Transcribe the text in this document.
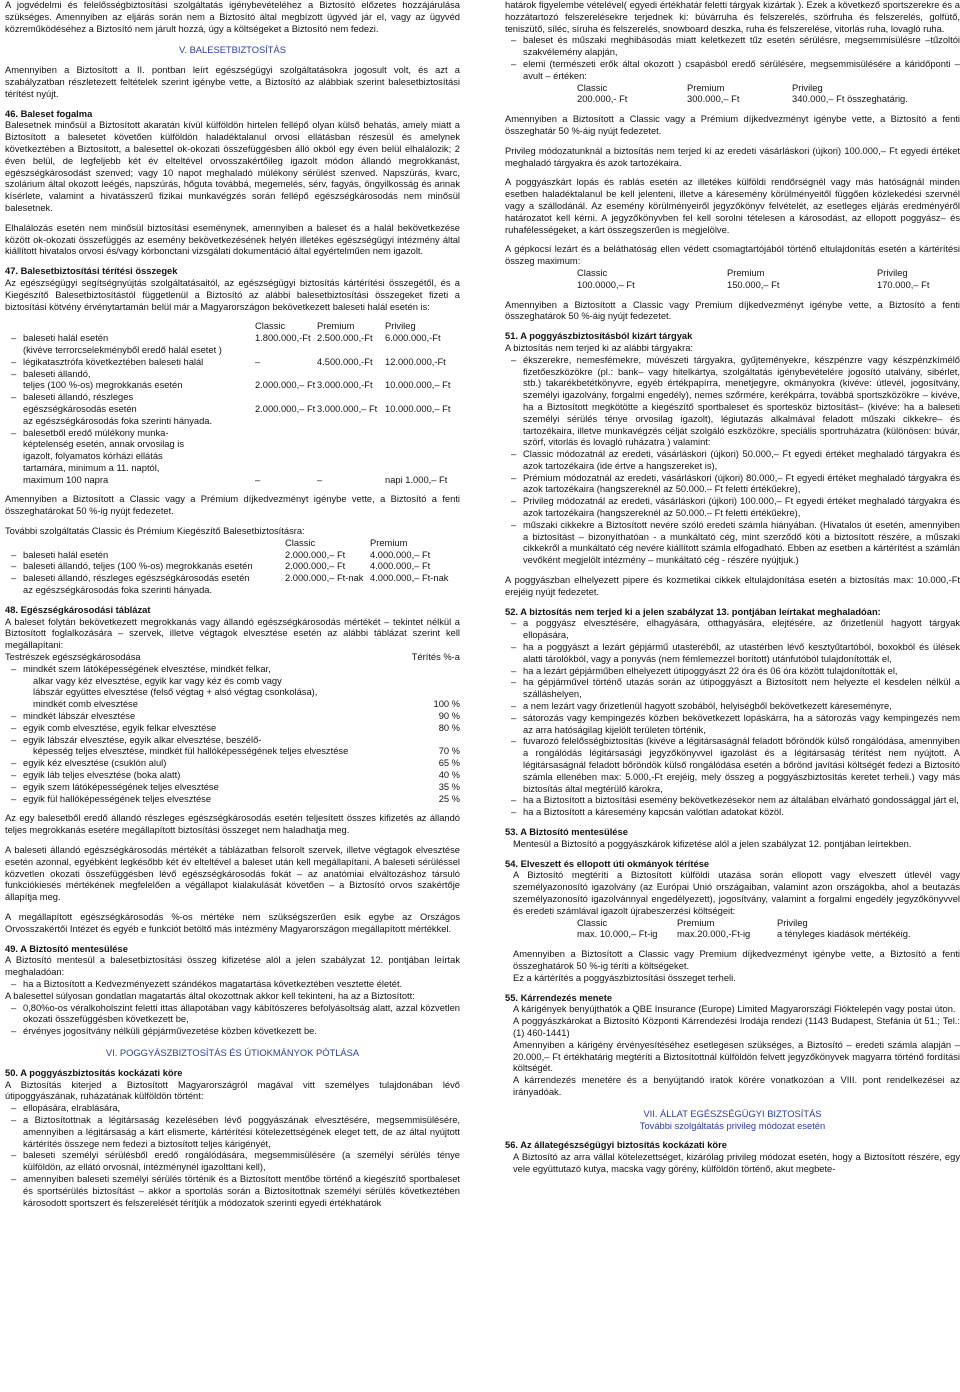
A jogvédelmi és felelősségbiztosítási szolgáltatás igénybevételéhez a Biztosító előzetes hozzájárulása szükséges. Amennyiben az eljárás során nem a Biztosító által megbízott ügyvéd jár el, vagy az ügyvéd közreműködéséhez a Biztosító nem járult hozzá, úgy a költségeket a Biztosító nem fedezi.

V. BALESETBIZTOSÍTÁS

Amennyiben a Biztosított a II. pontban leírt egészségügyi szolgáltatásokra jogosult volt, és azt a szabályzatban részletezett feltételek szerint igénybe vette, a Biztosító az alábbiak szerint balesetbiztosítási térítést nyújt.

46. Baleset fogalma

Balesetnek minősül a Biztosított akaratán kívül külföldön hirtelen fellépő olyan külső behatás, amely miatt a Biztosított a balesetet követően külföldön haladéktalanul orvosi ellátásban részesül és amelynek következtében a Biztosított, a balesettel ok-okozati összefüggésben álló okból egy éven belül elhalálozik; 2 éven belül, de legfeljebb két év elteltével orvosszakértőileg igazolt módon állandó megrokkanást, egészségkárosodást szenved; vagy 10 napot meghaladó múlékony sérülést szenved. Napszúrás, kvarc, szolárium által okozott leégés, napszúrás, hőguta továbbá, megemelés, sérv, fagyás, öngyilkosság és annak kísérlete, valamint a hivatásszerű fizikai munkavégzés során fellépő egészségkárosodás nem minősül balesetnek.

Elhalálozás esetén nem minősül biztosítási eseménynek, amennyiben a baleset és a halál bekövetkezése között ok-okozati összefüggés az esemény bekövetkezésének helyén illetékes egészségügyi intézmény által kiállított hivatalos orvosi és/vagy kórbonctani vizsgálati dokumentáció által egyértelműen nem igazolt.

47. Balesetbiztosítási térítési összegek

Az egészségügyi segítségnyújtás szolgáltatásaitól, az egészségügyi biztosítás kártérítési összegétől, és a Kiegészítő Balesetbiztosítástól függetlenül a Biztosító az alábbi balesetbiztosítási összegeket fizeti a biztosítási kötvény érvénytartamán belül már a Magyarországon bekövetkezett baleseti halál esetén is:

	Classic	Premium	Privileg
– baleseti halál esetén	1.800.000,-Ft	2.500.000,-Ft	6.000.000,-Ft
(kivéve terrorcselekményből eredő halál esetet )			
– légikatasztrófa következtében baleseti halál	–	4.500.000,-Ft	12.000.000,-Ft
– baleseti állandó,			
teljes (100 %-os) megrokkanás esetén	2.000.000,– Ft	3.000.000,-Ft	10.000.000,– Ft
– baleseti állandó, részleges			
egészségkárosodás esetén	2.000.000,– Ft	3.000.000,– Ft	10.000.000,– Ft
az egészségkárosodás foka szerinti hányada.			
– balesetből eredő múlékony munka-			
képtelenség esetén, annak orvosilag is			
igazolt, folyamatos kórházi ellátás			
tartamára, minimum a 11. naptól,			
maximum 100 napra	–	–	napi 1.000,– Ft

Amennyiben a Biztosított a Classic vagy a Prémium díjkedvezményt igénybe vette, a Biztosító a fenti összeghatárokat 50 %-ig nyújt fedezetet.

További szolgáltatás Classic és Prémium Kiegészítő Balesetbiztosításra:

	Classic	Premium
– baleseti halál esetén	2.000.000,– Ft	4.000.000,– Ft
– baleseti állandó, teljes (100 %-os) megrokkanás esetén	2.000.000,– Ft	4.000.000,– Ft
– baleseti állandó, részleges egészségkárosodás esetén	2.000.000,– Ft-nak	4.000.000,– Ft-nak
az egészségkárosodás foka szerinti hányada.		
48. Egészségkárosodási táblázat

A baleset folytán bekövetkezett megrokkanás vagy állandó egészségkárosodás mértékét – tekintet nélkül a Biztosított foglalkozására – szervek, illetve végtagok elvesztése esetén az alábbi táblázat szerint kell megállapítani:

Testrészek egészségkárosodása	Térítés %-a
– mindkét szem látóképességének elvesztése, mindkét felkar,	
alkar vagy kéz elvesztése, egyik kar vagy kéz és comb vagy	
lábszár együttes elvesztése (felső végtag + alsó végtag csonkolása),	
mindkét comb elvesztése	100 %
– mindkét lábszár elvesztése	90 %
– egyik comb elvesztése, egyik felkar elvesztése	80 %
– egyik lábszár elvesztése, egyik alkar elvesztése, beszélő-	
képesség teljes elvesztése, mindkét fül hallóképességének teljes elvesztése	70 %
– egyik kéz elvesztése (csuklón alul)	65 %
– egyik láb teljes elvesztése (boka alatt)	40 %
– egyik szem látóképességének teljes elvesztése	35 %
– egyik fül hallóképességének teljes elvesztése	25 %

Az egy balesetből eredő állandó részleges egészségkárosodás esetén teljesített összes kifizetés az állandó teljes megrokkanás esetére megállapított biztosítási összeget nem haladhatja meg.

A baleseti állandó egészségkárosodás mértékét a táblázatban felsorolt szervek, illetve végtagok elvesztése esetén azonnal, egyébként legkésőbb két év elteltével a baleset után kell megállapítani. A baleseti sérüléssel közvetlen okozati összefüggésben lévő egészségkárosodás fokát – az anatómiai elváltozáshoz társuló funkciókiesés mértékének megfelelően a végállapot kialakulását követően – a Biztosító orvos szakértője állapítja meg.

A megállapított egészségkárosodás %-os mértéke nem szükségszerűen esik egybe az Országos Orvosszakértői Intézet és egyéb e funkciót betöltő más intézmény Magyarországon megállapított mértékkel.

49. A Biztosító mentesülése

A Biztosító mentesül a balesetbiztosítási összeg kifizetése alól a jelen szabályzat 12. pontjában leírtak meghaladóan:

– ha a Biztosított a Kedvezményezett szándékos magatartása következtében vesztette életét.

A balesettel súlyosan gondatlan magatartás által okozottnak akkor kell tekinteni, ha az a Biztosított:

– 0,80%o-os véralkoholszint feletti ittas állapotában vagy kábítószeres befolyásoltság alatt, azzal közvetlen okozati összefüggésben következett be,
– érvényes jogosítvány nélküli gépjárművezetése közben következett be.
VI. POGGYÁSZBIZTOSÍTÁS ÉS ÚTIOKMÁNYOK PÓTLÁSA
50. A poggyászbiztosítás kockázati köre

A Biztosítás kiterjed a Biztosított Magyarországról magával vitt személyes tulajdonában lévő útipoggyászának, ruházatának külföldön történt:

– ellopására, elrablására,
– a Biztosítottnak a légitársaság kezelésében lévő poggyászának elvesztésére, megsemmisülésére, amennyiben a légitársaság a kárt elismerte, kártérítési kötelezettségének eleget tett, de az által nyújtott kártérítés összege nem fedezi a biztosított teljes kárigényét,
– baleseti személyi sérülésből eredő rongálódására, megsemmisülésére (a személyi sérülés ténye külföldön, az ellátó orvosnál, intézménynél igazolttani kell),
– amennyiben baleseti személyi sérülés történik és a Biztosított mentőbe történő a kiegészítő sportbaleset és sportsérülés biztosítást – akkor a sportolás során a Biztosítottnak személyi sérülés következtében károsodott sportszert és felszerelését térítjük a módozatok szerinti egyedi értékhatárok

határok figyelembe vételével( egyedi értékhatár feletti tárgyak kizártak ). Ezek a következő sportszerekre és a hozzátartozó felszerelésekre terjednek ki: búvárruha és felszerelés, szörfruha és felszerelés, golfütő, teniszütő, síléc, síruha és felszerelés, snowboard deszka, ruha és felszerelése, vitorlás ruha, lovagló ruha.

– baleset és műszaki meghibásodás miatt keletkezett tűz esetén sérülésre, megsemmisülésre –tűzoltói szakvélemény alapján,
– elemi (természeti erők által okozott ) csapásból eredő sérülésére, megsemmisülésére a káridőponti – avult – értéken:
Classic	Premium	Privileg
200.000,- Ft	300.000,– Ft	340.000,– Ft összeghatárig.

Amennyiben a Biztosított a Classic vagy a Prémium díjkedvezményt igénybe vette, a Biztosító a fenti összeghatár 50 %-áig nyújt fedezetet.

Privileg módozatunknál a biztosítás nem terjed ki az eredeti vásárláskori (újkori) 100.000,– Ft egyedi értéket meghaladó tárgyakra és azok tartozékaira.

A poggyászkárt lopás és rablás esetén az illetékes külföldi rendőrségnél vagy más hatóságnál minden esetben haladéktalanul be kell jelenteni, illetve a káresemény körülményeitől függően közlekedési szervnél vagy a szállodánál. Az esemény körülményeiről jegyzőkönyv felvételét, az esetleges eljárás eredményéről határozatot kell kérni. A jegyzőkönyvben fel kell sorolni tételesen a károsodást, az ellopott poggyász– és ruhafélességeket, a kárt összegszerűen is megjelölve.

A gépkocsi lezárt és a beláthatóság ellen védett csomagtartójából történő eltulajdonítás esetén a kártérítési összeg maximum:

Classic	Premium	Privileg
100.0000,– Ft	150.000,– Ft	170.000,– Ft

Amennyiben a Biztosított a Classic vagy Premium díjkedvezményt igénybe vette, a Biztosító a fenti összeghatárok 50 %-áig nyújt fedezetet.

51. A poggyászbiztosításból kizárt tárgyak

A biztosítás nem terjed ki az alábbi tárgyakra:

– ékszerekre, nemesfémekre, múvészeti tárgyakra, gyűjteményekre, készpénzre vagy készpénzkímélő fizetőeszközökre (pl.: bank– vagy hitelkártya, szolgáltatás igénybevételére jogosító utalvány, sibérlet, stb.) takarékbetétkönyvre, egyéb értékpapírra, menetjegyre, okmányokra (kivéve: útlevél, jogosítvány, személyi igazolvány, forgalmi engedély), nemes szőrmére, kerékpárra, továbbá sportszközökre – kivéve, ha a Biztosított megkötötte a kiegészítő sportbaleset és sportesköz biztosítást– (kivéve: ha a baleseti személyi sérülés ténye orvosilag igazolt), légiutazás alkalmával feladott műszaki cikkekre– és tartozékaira, illetve munkavégzés célját szolgáló eszközökre, speciális sportruházatra (különösen: búvár, szörf, vitorlás és lovagló ruházatra ) valamint:
– Classic módozatnál az eredeti, vásárláskori (újkori) 50.000,– Ft egyedi értéket meghaladó tárgyakra és azok tartozékaira (ide értve a hangszereket is),
– Prémium módozatnál az eredeti, vásárláskori (újkori) 80.000,– Ft egyedi értéket meghaladó tárgyakra és azok tartozékaira (hangszereknél az 50.000.– Ft feletti értékűekre),
– Privileg módozatnál az eredeti, vásárláskori (újkori) 100.000,– Ft egyedi értéket meghaladó tárgyakra és azok tartozékaira (hangszereknél az 50.000.– Ft feletti értékűekre),
– műszaki cikkekre a Biztosított nevére szóló eredeti számla hiányában. (Hivatalos út esetén, amennyiben a biztosítást – bizonyíthatóan - a munkáltató cég, mint szerződő köti a biztosított részére, a műszaki cikkekről a munkáltató cég nevére kiállított számla elfogadható. Ebben az esetben a kártérítést a számlán vevőként megjelölt intézmény – munkáltató cég - részére nyújtjuk.)

A poggyászban elhelyezett pipere és kozmetikai cikkek eltulajdonítása esetén a biztosítás max: 10.000,-Ft erejéig nyújt fedezetet.

52. A biztosítás nem terjed ki a jelen szabályzat 13. pontjában leírtakat meghaladóan:
– a poggyász elvesztésére, elhagyására, otthagyására, elejtésére, az őrizetlenül hagyott tárgyak ellopására,
– ha a poggyászt a lezárt gépjármű utasteréből, az utastérben lévő kesztyűtartóból, boxokból és ülések alatti tárolókból, vagy a ponyvás (nem fémlemezzel borított) utánfutóból tulajdonították el,
– ha a lezárt gépjárműben elhelyezett útipoggyászt 22 óra és 06 óra között tulajdonították el,
– ha gépjárművel történő utazás során az útipoggyászt a Biztosított nem helyezte el kesdelen nélkül a szálláshelyen,
– a nem lezárt vagy őrizetlenül hagyott szobából, helyiségből bekövetkezett káreseményre,
– sátorozás vagy kempingezés közben bekövetkezett lopáskárra, ha a sátorozás vagy kempingezés nem az arra hatóságilag kijelölt területen történik,
– fuvarozó felelősségbiztosítás (kivéve a légitársaságnál feladott bőröndök külső rongálódása, amennyiben a rongálódás légitársasági jegyzőkönyvvel igazolást és a légitársaság térítést nem nyújtott. A légitársaságnál feladott bőröndök külső rongálódása esetén a bőrönd javítási költségét fedezi a Biztosító számla ellenében max: 5.000,-Ft erejéig, mely összeg a poggyászbiztosítás keretet terheli.) vagy más biztosítás által megtérülő károkra,
– ha a Biztosított a biztosítási esemény bekövetkezésekor nem az általában elvárható gondossággal járt el,
– ha a Biztosított a káresemény kapcsán valótlan adatokat közöl.
53. A Biztosító mentesülése

Mentesül a Biztosító a poggyászkárok kifizetése alól a jelen szabályzat 12. pontjában leírtekben.

54. Elveszett és ellopott úti okmányok térítése

A Biztosító megtéríti a Biztosított külföldi utazása során ellopott vagy elveszett útlevél vagy személyazonosító igazolvány (az Európai Unió országaiban, valamint azon országokba, ahol a beutazás személyazonosító igazolvánnyal engedélyezett), jogosítvány, valamint a forgalmi engedély jegyzőkönyvvel és eredeti számlával igazolt újrabeszerzési költségeit:

Classic	Premium	Privileg
max. 10.000,– Ft-ig	max.20.000,-Ft-ig	a tényleges kiadások mértékéig.

Amennyiben a Biztosított a Classic vagy Premium díjkedvezményt igénybe vette, a Biztosító a fenti összeghatárok 50 %-ig téríti a költségeket.

Ez a kártérítés a poggyászbiztosítási összeget terheli.

55. Kárrendezés menete

A kárigények benyújthatók a QBE Insurance (Europe) Limited Magyarországi Fióktelepén vagy postai úton.

A poggyászkárokat a Biztosító Központi Kárrendezési Irodája rendezi (1143 Budapest, Stefánia út 51.; Tel.: (1) 460-1441)

Amennyiben a kárigény érvényesítéséhez esetlegesen szükséges, a Biztosító – eredeti számla alapján – 20.000,– Ft értékhatárig megtéríti a Biztosítottnál külföldön felvett jegyzőkönyvek magyarra történő fordítási költségét.

A kárrendezés menetére és a benyújtandó iratok körére vonatkozóan a VIII. pont rendelkezései az irányadóak.

VII. ÁLLAT EGÉSZSÉGÜGYI BIZTOSÍTÁS
További szolgáltatás privileg módozat esetén
56. Az állategészségügyi biztosítás kockázati köre

A Biztosító az arra vállal kötelezettséget, kizárólag privileg módozat esetén, hogy a Biztosított részére, egy vele együttutazó kutya, macska vagy görény, külföldön történő, akut megbete-
